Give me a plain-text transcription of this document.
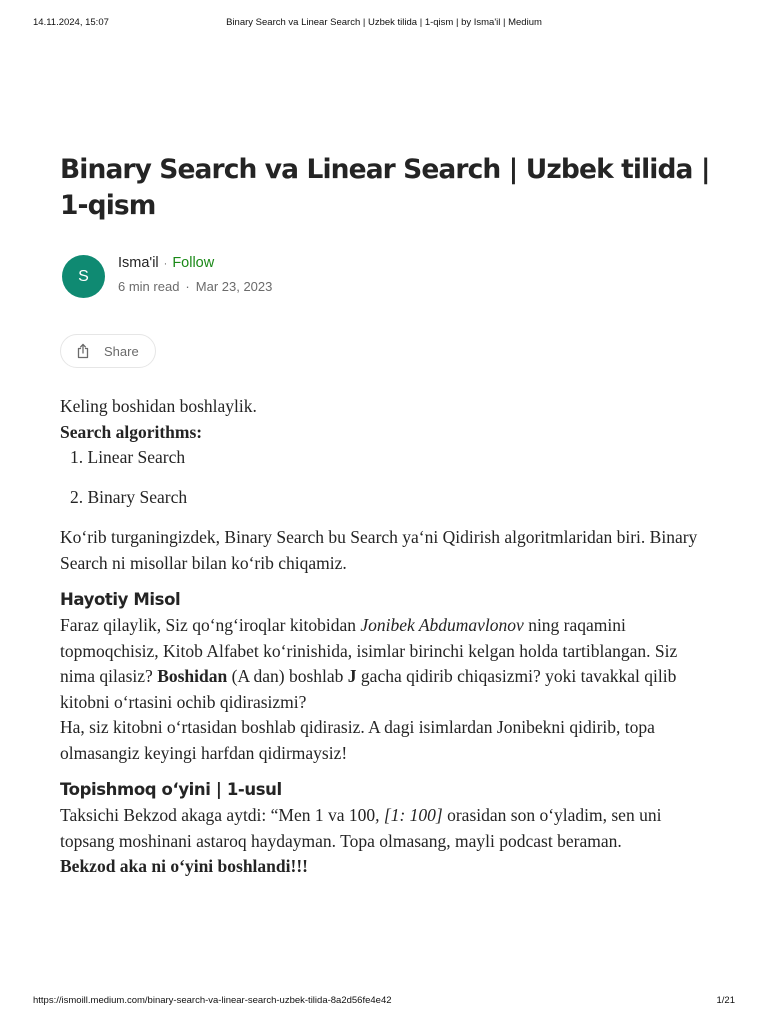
14.11.2024, 15:07	Binary Search va Linear Search | Uzbek tilida | 1-qism | by Isma'il | Medium
Binary Search va Linear Search | Uzbek tilida | 1-qism
S
Isma'il · Follow
6 min read · Mar 23, 2023
Share

Keling boshidan boshlaylik.

Search algorithms:

1. Linear Search
2. Binary Search

Ko‘rib turganingizdek, Binary Search bu Search ya‘ni Qidirish algoritmlaridan biri. Binary Search ni misollar bilan ko‘rib chiqamiz.

Hayotiy Misol

Faraz qilaylik, Siz qo‘ng‘iroqlar kitobidan Jonibek Abdumavlonov ning raqamini topmoqchisiz, Kitob Alfabet ko‘rinishida, isimlar birinchi kelgan holda tartiblangan. Siz nima qilasiz? Boshidan (A dan) boshlab J gacha qidirib chiqasizmi? yoki tavakkal qilib kitobni o‘rtasini ochib qidirasizmi?

Ha, siz kitobni o‘rtasidan boshlab qidirasiz. A dagi isimlardan Jonibekni qidirib, topa olmasangiz keyingi harfdan qidirmaysiz!

Topishmoq o‘yini | 1-usul

Taksichi Bekzod akaga aytdi: “Men 1 va 100, [1: 100] orasidan son o‘yladim, sen uni topsang moshinani astaroq haydayman. Topa olmasang, mayli podcast beraman.

Bekzod aka ni o‘yini boshlandi!!!

https://ismoill.medium.com/binary-search-va-linear-search-uzbek-tilida-8a2d56fe4e42	1/21
